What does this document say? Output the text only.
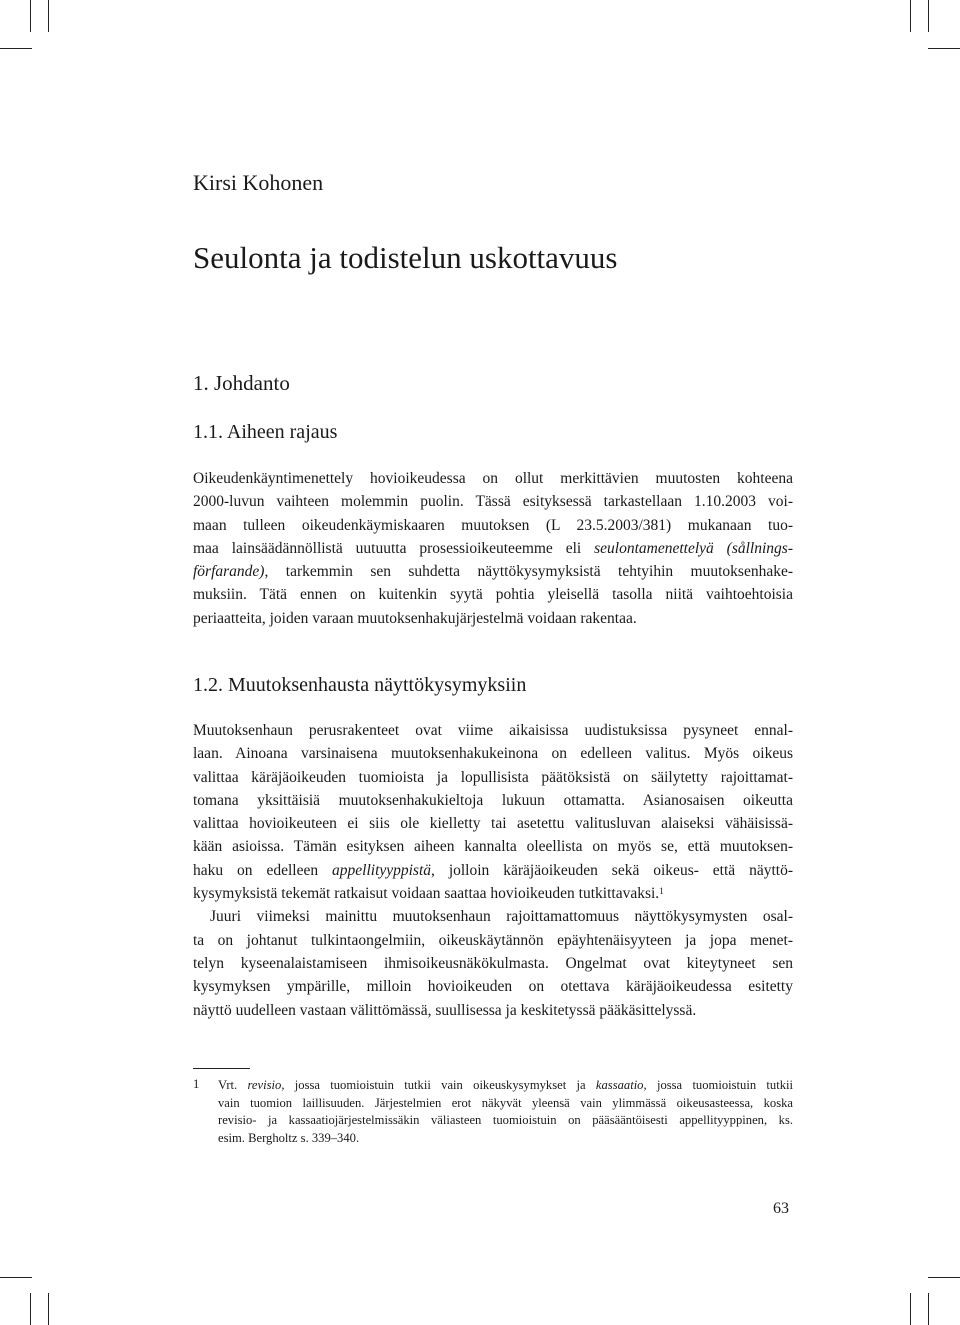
Kirsi Kohonen
Seulonta ja todistelun uskottavuus
1. Johdanto
1.1. Aiheen rajaus
Oikeudenkäyntimenettely hovioikeudessa on ollut merkittävien muutosten kohteena
2000-luvun vaihteen molemmin puolin. Tässä esityksessä tarkastellaan 1.10.2003 voi-
maan tulleen oikeudenkäymiskaaren muutoksen (L 23.5.2003/381) mukanaan tuo-
maa lainsäädännöllistä uutuutta prosessioikeuteemme eli seulontamenettelyä (sållnings-
förfarande), tarkemmin sen suhdetta näyttökysymyksistä tehtyihin muutoksenhake-
muksiin. Tätä ennen on kuitenkin syytä pohtia yleisellä tasolla niitä vaihtoehtoisia
periaatteita, joiden varaan muutoksenhakujärjestelmä voidaan rakentaa.
1.2. Muutoksenhausta näyttökysymyksiin
Muutoksenhaun perusrakenteet ovat viime aikaisissa uudistuksissa pysyneet ennal-
laan. Ainoana varsinaisena muutoksenhakukeinona on edelleen valitus. Myös oikeus
valittaa käräjäoikeuden tuomioista ja lopullisista päätöksistä on säilytetty rajoittamat-
tomana yksittäisiä muutoksenhakukieltoja lukuun ottamatta. Asianosaisen oikeutta
valittaa hovioikeuteen ei siis ole kielletty tai asetettu valitusluvan alaiseksi vähäisissä-
kään asioissa. Tämän esityksen aiheen kannalta oleellista on myös se, että muutoksen-
haku on edelleen appellityyppistä, jolloin käräjäoikeuden sekä oikeus- että näyttö-
kysymyksistä tekemät ratkaisut voidaan saattaa hovioikeuden tutkittavaksi.$^1$
Juuri viimeksi mainittu muutoksenhaun rajoittamattomuus näyttökysymysten osal-
ta on johtanut tulkintaongelmiin, oikeuskäytännön epäyhtenäisyyteen ja jopa menet-
telyn kyseenalaistamiseen ihmisoikeusnäkökulmasta. Ongelmat ovat kiteytyneet sen
kysymyksen ympärille, milloin hovioikeuden on otettava käräjäoikeudessa esitetty
näyttö uudelleen vastaan välittömässä, suullisessa ja keskitetyssä pääkäsittelyssä.
1 Vrt. revisio, jossa tuomioistuin tutkii vain oikeuskysymykset ja kassaatio, jossa tuomioistuin tutkii
vain tuomion laillisuuden. Järjestelmien erot näkyvät yleensä vain ylimmässä oikeusasteessa, koska
revisio- ja kassaatiojärjestelmissäkin väliasteen tuomioistuin on pääsääntöisesti appellityyppinen, ks.
esim. Bergholtz s. 339–340.
63
